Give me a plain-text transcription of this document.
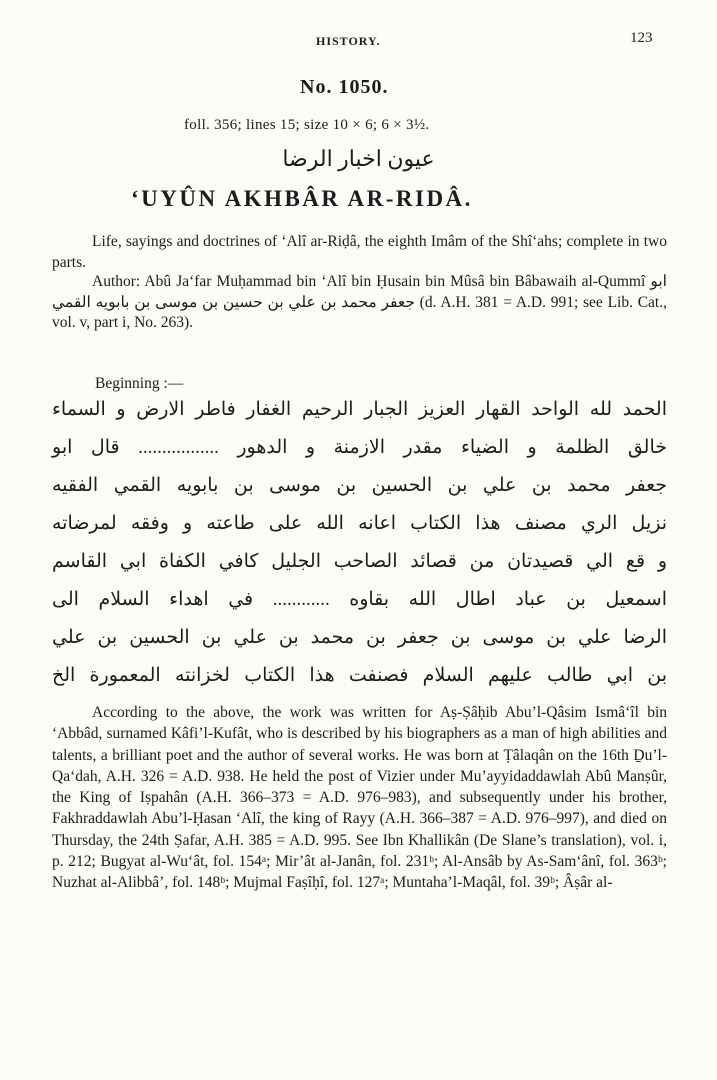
HISTORY.	123
No. 1050.
foll. 356; lines 15; size 10 × 6; 6 × 3½.
عيون اخبار الرضا
‘UYÛN AKHBÂR AR-RIDÂ.
Life, sayings and doctrines of ‘Alî ar-Riḍâ, the eighth Imâm of the Shî‘ahs; complete in two parts.
Author: Abû Ja‘far Muḥammad bin ‘Alî bin Ḥusain bin Mûsâ bin Bâbawaih al-Qummî ابو جعفر محمد بن علي بن حسين بن موسى بن بابويه القمي (d. A.H. 381 = A.D. 991; see Lib. Cat., vol. v, part i, No. 263).
Beginning :—
الحمد لله الواحد القهار العزيز الجبار الرحيم الغفار فاطر الارض و السماء
خالق الظلمة و الضياء مقدر الازمنة و الدهور ................. قال ابو
جعفر محمد بن علي بن الحسين بن موسى بن بابويه القمي الفقيه
نزيل الري مصنف هذا الكتاب اعانه الله على طاعته و وفقه لمرضاته
و قع الي قصيدتان من قصائد الصاحب الجليل كافي الكفاة ابي القاسم
اسمعيل بن عباد اطال الله بقاوه ............ في اهداء السلام الى
الرضا علي بن موسى بن جعفر بن محمد بن علي بن الحسين بن علي
بن ابي طالب عليهم السلام فصنفت هذا الكتاب لخزانته المعمورة الخ
According to the above, the work was written for Aṣ-Ṣâḥib Abu’l-Qâsim Ismâ‘îl bin ‘Abbâd, surnamed Kâfi’l-Kufât, who is described by his biographers as a man of high abilities and talents, a brilliant poet and the author of several works. He was born at Ṭâlaqân on the 16th Ḏu’l-Qa‘dah, A.H. 326 = A.D. 938. He held the post of Vizier under Mu’ayyidaddawlah Abû Manṣûr, the King of Iṣpahân (A.H. 366–373 = A.D. 976–983), and subsequently under his brother, Fakhraddawlah Abu’l-Ḥasan ‘Alî, the king of Rayy (A.H. 366–387 = A.D. 976–997), and died on Thursday, the 24th Ṣafar, A.H. 385 = A.D. 995. See Ibn Khallikân (De Slane’s translation), vol. i, p. 212; Bugyat al-Wu‘ât, fol. 154ᵃ; Mir’ât al-Janân, fol. 231ᵇ; Al-Ansâb by As-Sam‘ânî, fol. 363ᵇ; Nuzhat al-Alibbâ’, fol. 148ᵇ; Mujmal Faṣîḥî, fol. 127ᵃ; Muntaha’l-Maqâl, fol. 39ᵇ; Âṣâr al-
